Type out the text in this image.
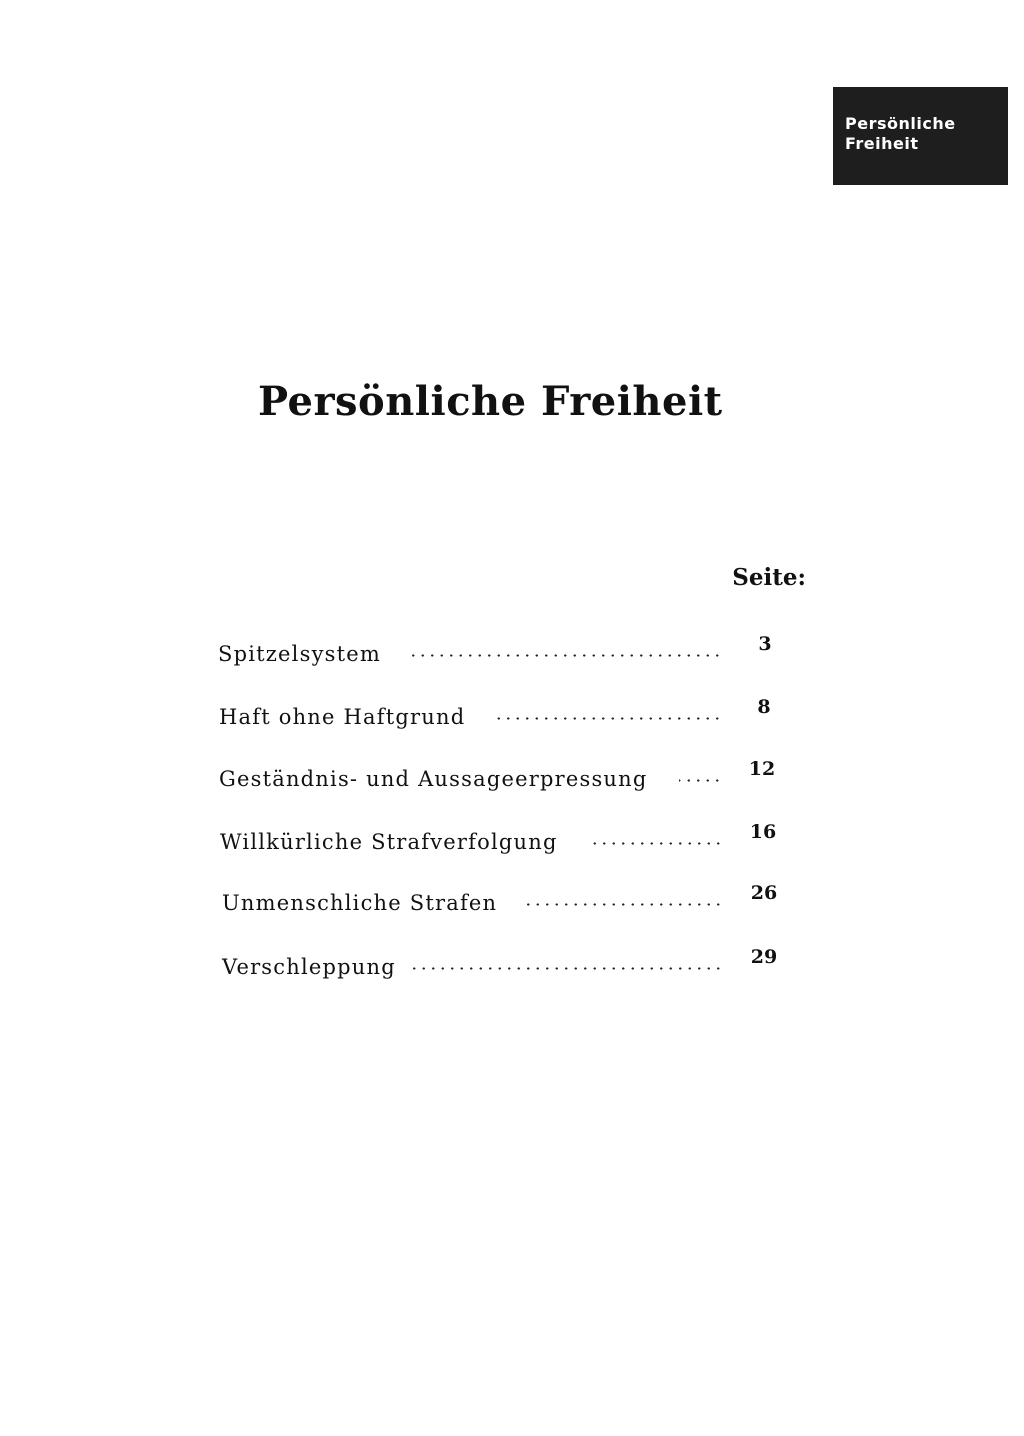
Persönliche
Freiheit
Persönliche Freiheit
Seite:
Spitzelsystem	3
Haft ohne Haftgrund	8
Geständnis- und Aussageerpressung	12
Willkürliche Strafverfolgung	16
Unmenschliche Strafen	26
Verschleppung	29
